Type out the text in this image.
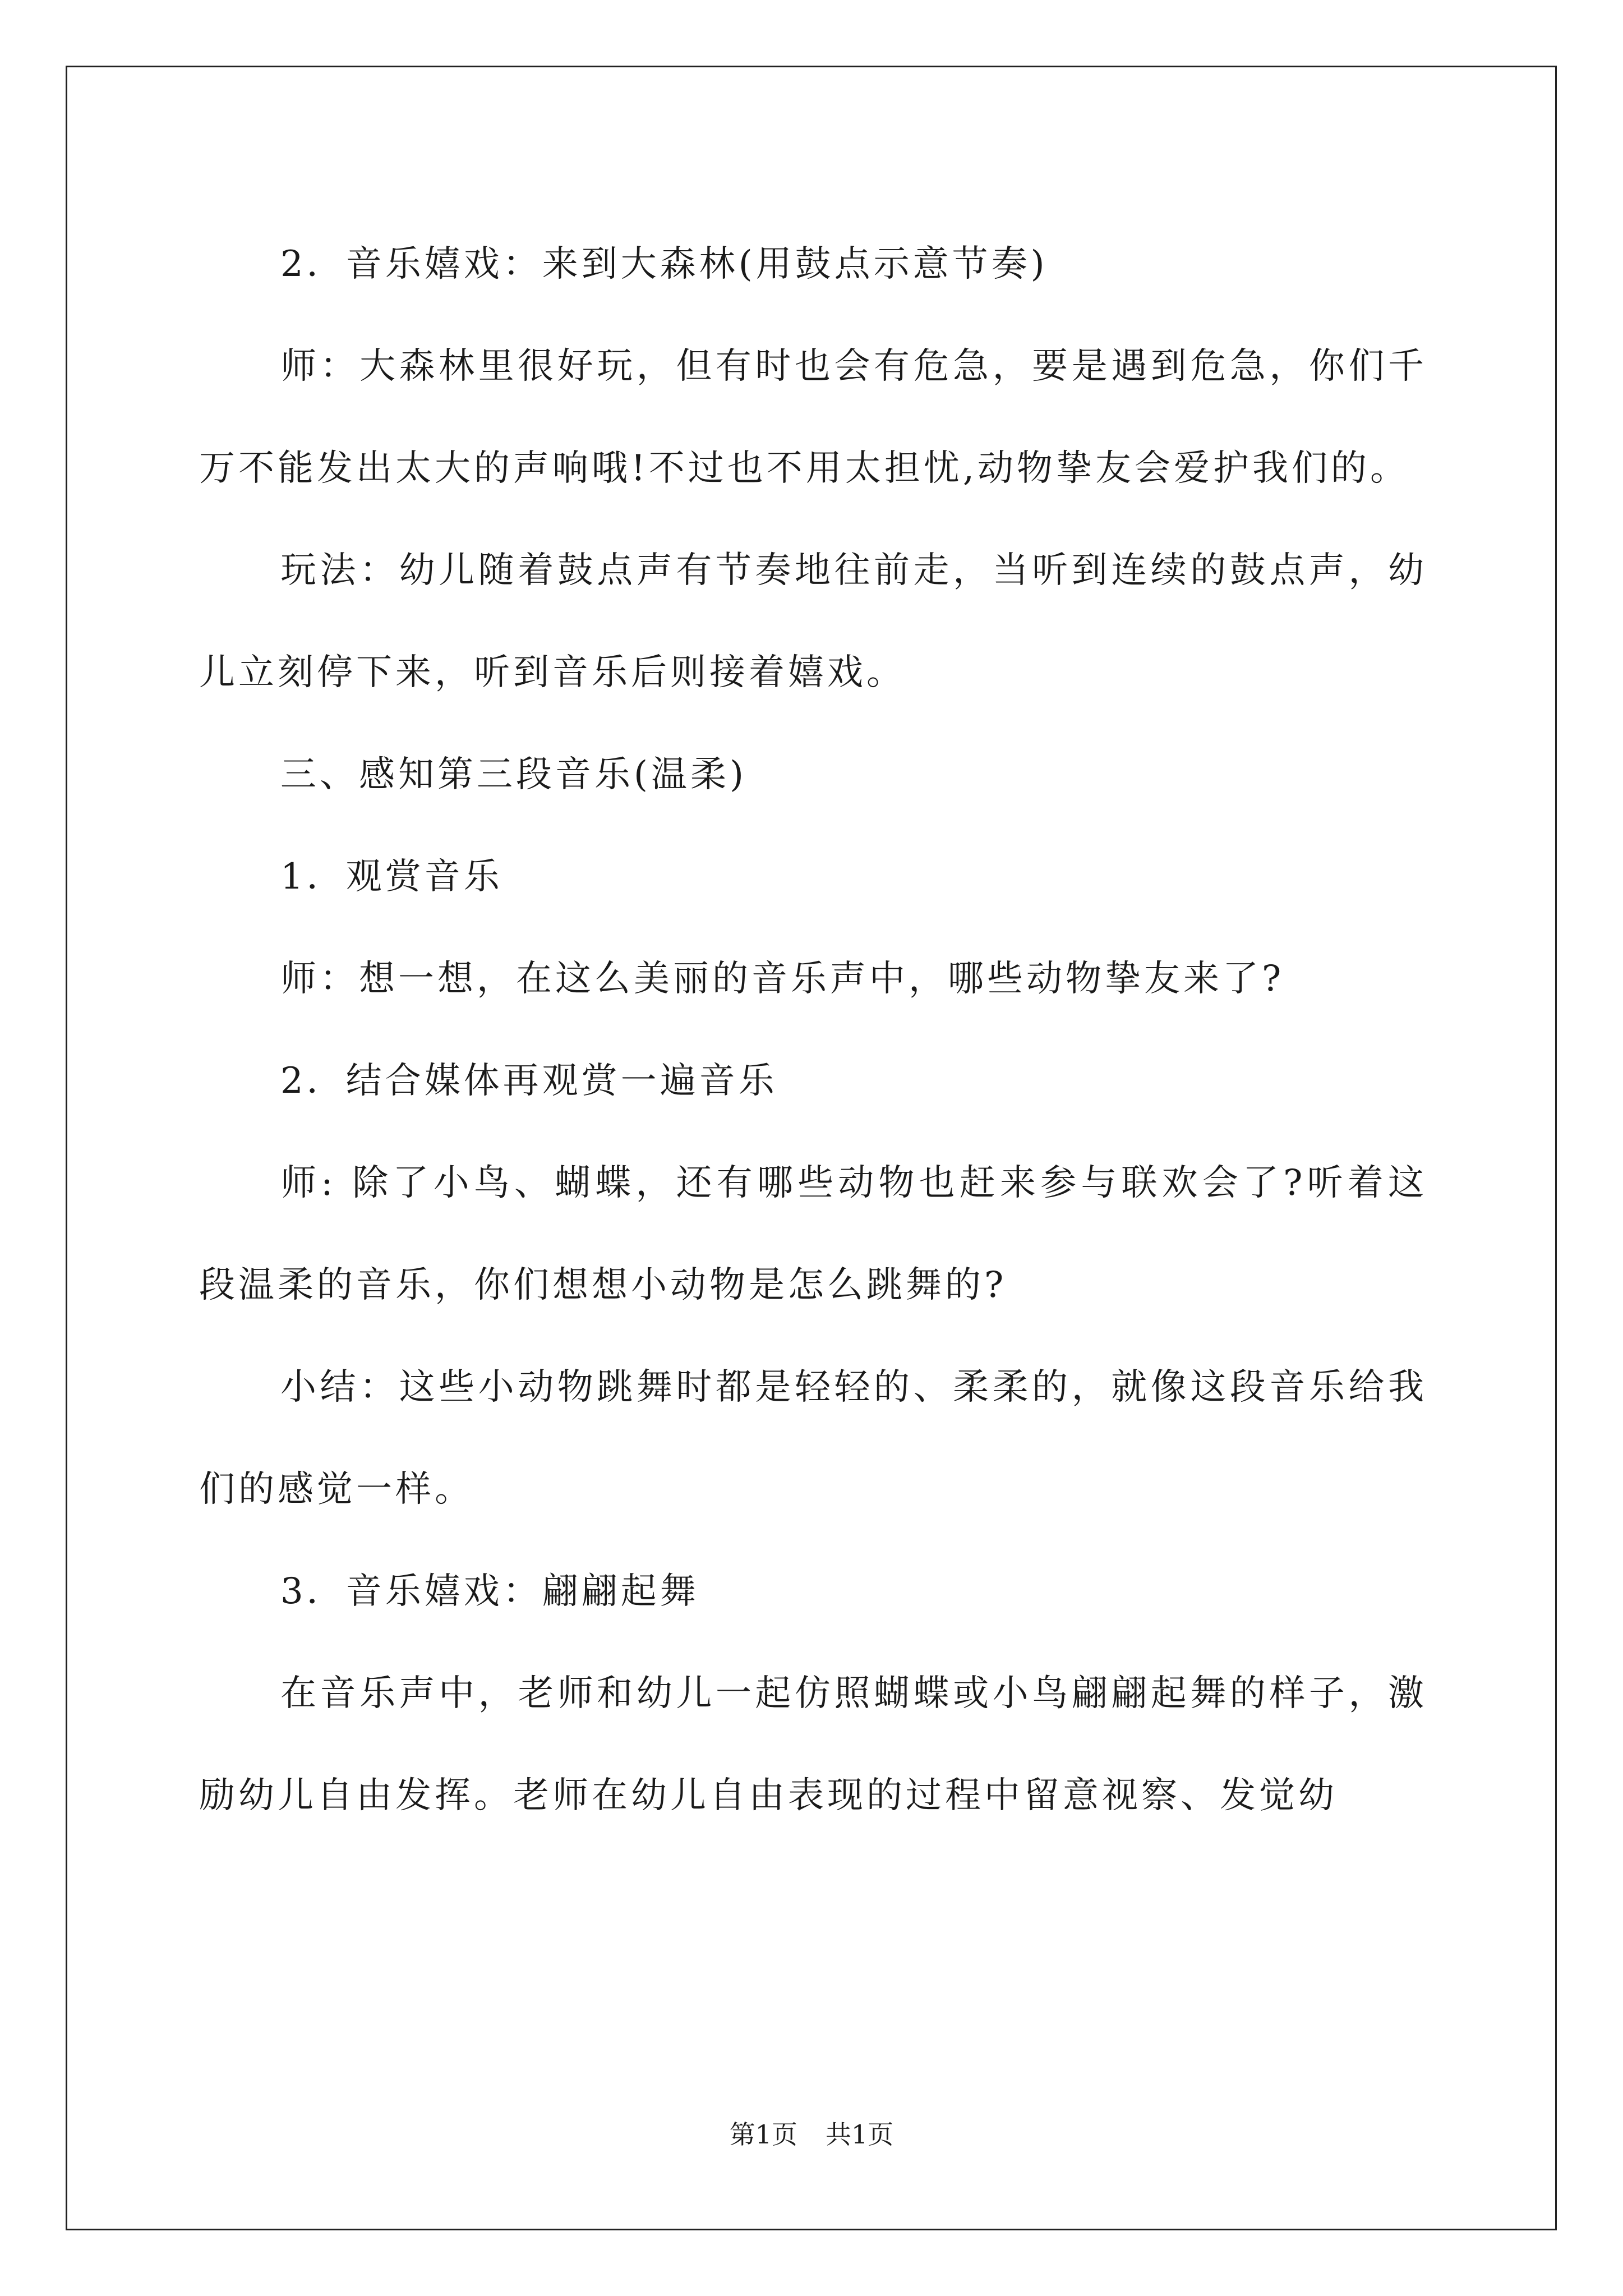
2．音乐嬉戏：来到大森林(用鼓点示意节奏)

师：大森林里很好玩，但有时也会有危急，要是遇到危急，你们千万不能发出太大的声响哦!不过也不用太担忧,动物挚友会爱护我们的。

玩法：幼儿随着鼓点声有节奏地往前走，当听到连续的鼓点声，幼儿立刻停下来，听到音乐后则接着嬉戏。

三、感知第三段音乐(温柔)

1．观赏音乐

师：想一想，在这么美丽的音乐声中，哪些动物挚友来了?

2．结合媒体再观赏一遍音乐

师: 除了小鸟、蝴蝶，还有哪些动物也赶来参与联欢会了?听着这段温柔的音乐，你们想想小动物是怎么跳舞的?

小结：这些小动物跳舞时都是轻轻的、柔柔的，就像这段音乐给我们的感觉一样。

3．音乐嬉戏：翩翩起舞

在音乐声中，老师和幼儿一起仿照蝴蝶或小鸟翩翩起舞的样子，激励幼儿自由发挥。老师在幼儿自由表现的过程中留意视察、发觉幼

第1页 共1页
